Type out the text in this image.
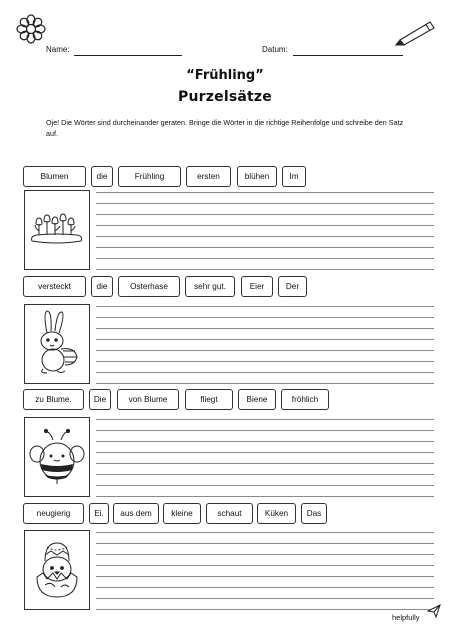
Name:	Datum:
“Frühling”
Purzelsätze
Oje! Die Wörter sind durcheinander geraten. Bringe die Wörter in die richtige Reihenfolge und schreibe den Satz auf.
Blumen	die	Frühling	ersten	blühen	Im
versteckt	die	Osterhase	sehr gut.	Eier	Der
zu Blume.	Die	von Blume	fliegt	Biene	fröhlich
neugierig	Ei.	aus dem	kleine	schaut	Küken	Das
helpfully
